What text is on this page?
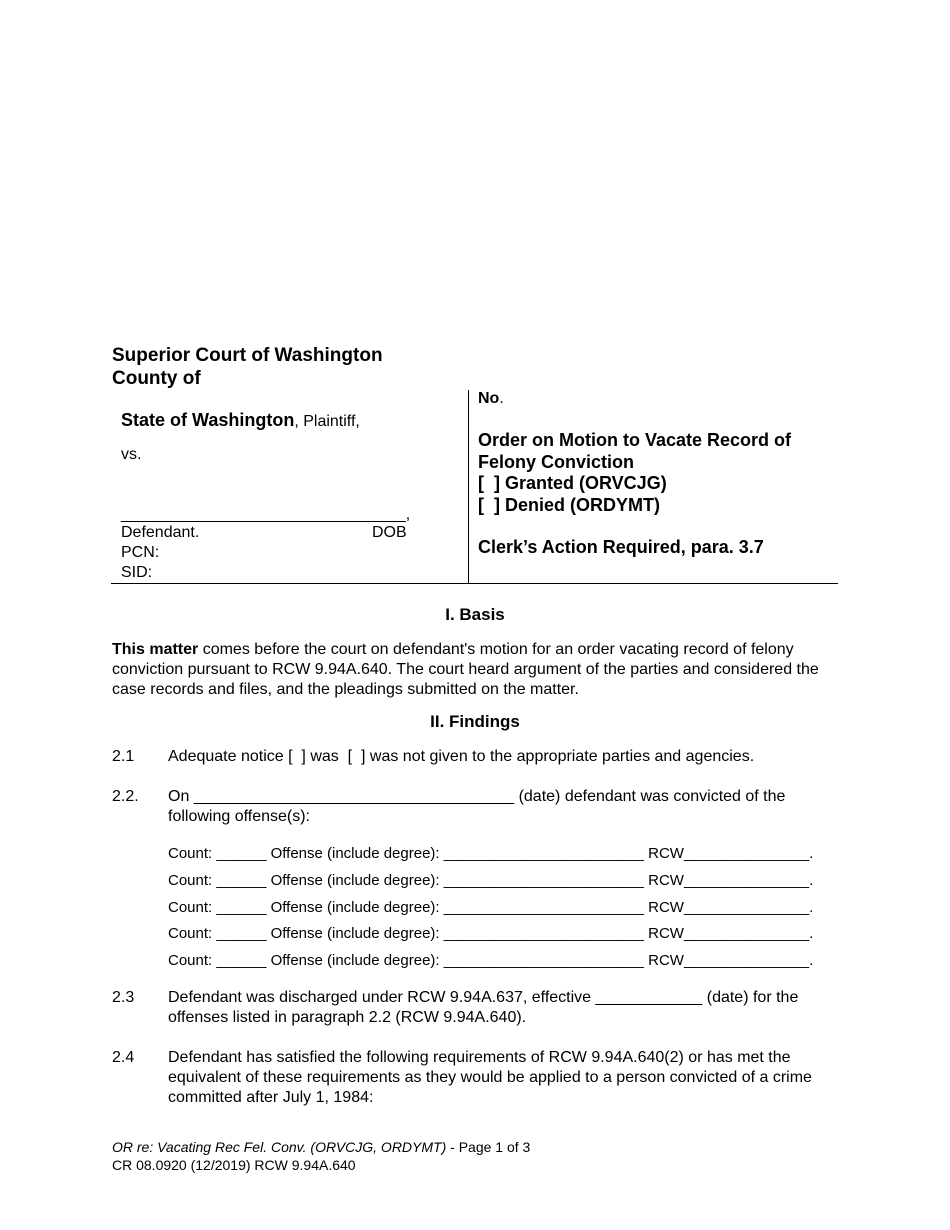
Superior Court of Washington
County of
State of Washington, Plaintiff,
vs.
________________________________,
Defendant.	DOB
PCN:
SID:
No.
Order on Motion to Vacate Record of
Felony Conviction
[  ] Granted (ORVCJG)
[  ] Denied (ORDYMT)
Clerk’s Action Required, para. 3.7
I. Basis
This matter comes before the court on defendant's motion for an order vacating record of felony conviction pursuant to RCW 9.94A.640. The court heard argument of the parties and considered the case records and files, and the pleadings submitted on the matter.
II. Findings
2.1 Adequate notice [  ] was  [  ] was not given to the appropriate parties and agencies.
2.2. On ____________________________________ (date) defendant was convicted of the following offense(s):
Count: ______ Offense (include degree): ________________________ RCW_______________.
Count: ______ Offense (include degree): ________________________ RCW_______________.
Count: ______ Offense (include degree): ________________________ RCW_______________.
Count: ______ Offense (include degree): ________________________ RCW_______________.
Count: ______ Offense (include degree): ________________________ RCW_______________.
2.3 Defendant was discharged under RCW 9.94A.637, effective ____________ (date) for the offenses listed in paragraph 2.2 (RCW 9.94A.640).
2.4 Defendant has satisfied the following requirements of RCW 9.94A.640(2) or has met the equivalent of these requirements as they would be applied to a person convicted of a crime committed after July 1, 1984:
OR re: Vacating Rec Fel. Conv. (ORVCJG, ORDYMT) - Page 1 of 3
CR 08.0920 (12/2019) RCW 9.94A.640
